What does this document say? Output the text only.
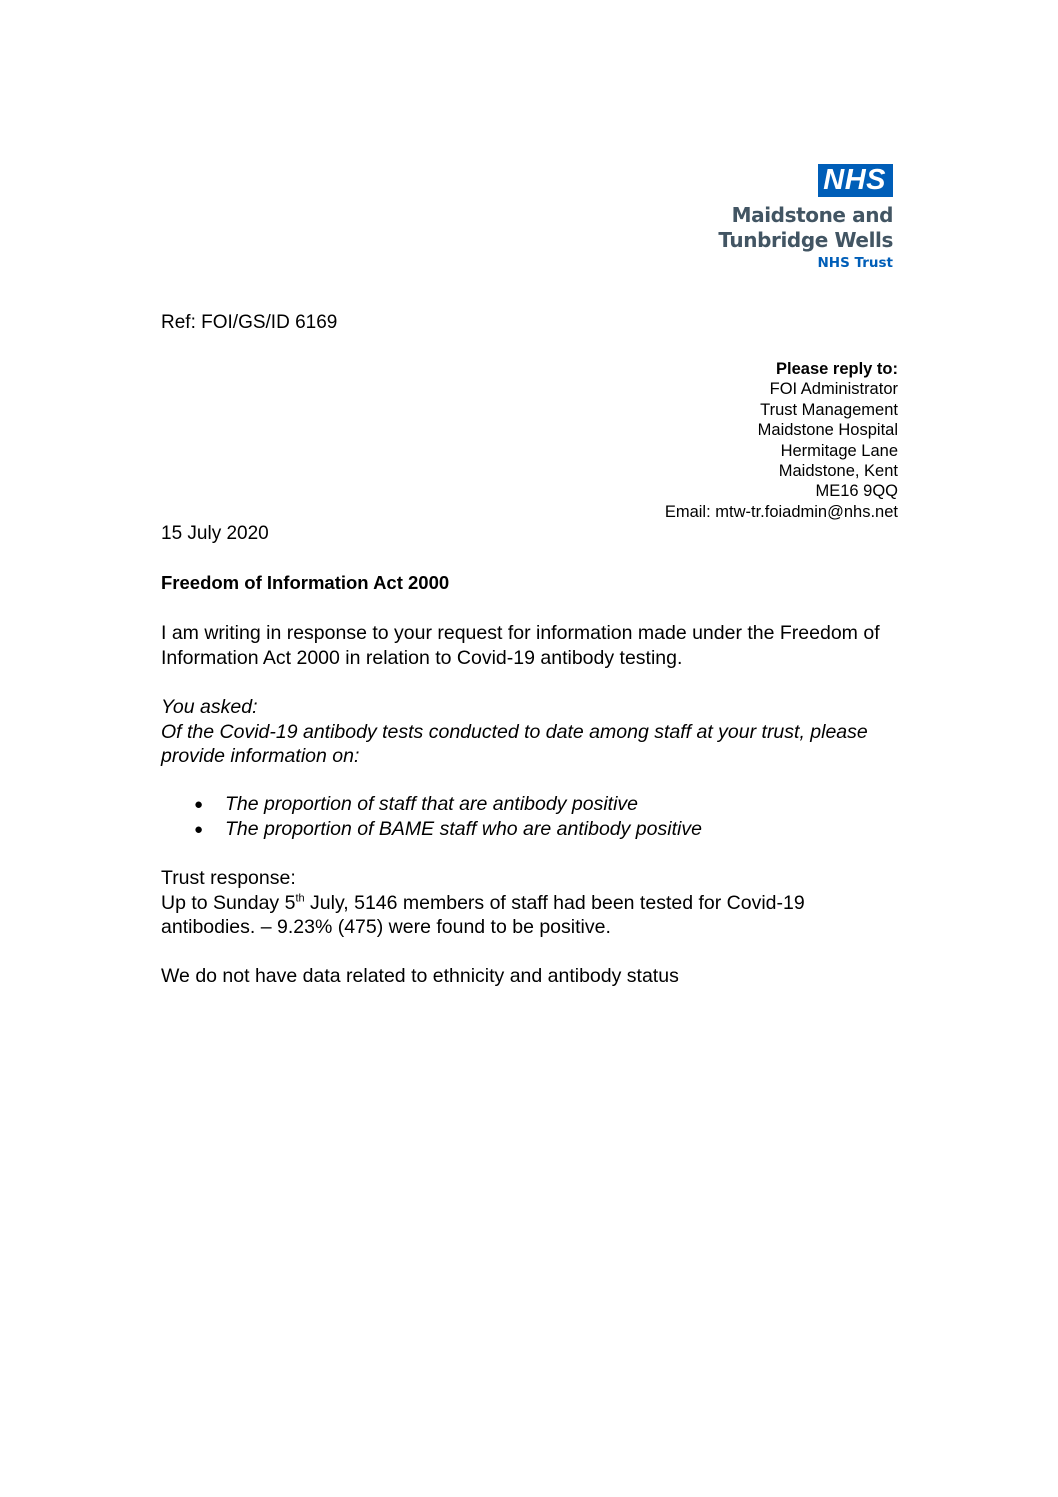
NHS
Maidstone and
Tunbridge Wells
NHS Trust
Ref: FOI/GS/ID 6169
Please reply to:
FOI Administrator
Trust Management
Maidstone Hospital
Hermitage Lane
Maidstone, Kent
ME16 9QQ
Email: mtw-tr.foiadmin@nhs.net
15 July 2020
Freedom of Information Act 2000
I am writing in response to your request for information made under the Freedom of Information Act 2000 in relation to Covid-19 antibody testing.
You asked:
Of the Covid-19 antibody tests conducted to date among staff at your trust, please provide information on:
● The proportion of staff that are antibody positive
● The proportion of BAME staff who are antibody positive
Trust response:
Up to Sunday 5th July, 5146 members of staff had been tested for Covid-19
antibodies. – 9.23% (475) were found to be positive.
We do not have data related to ethnicity and antibody status
